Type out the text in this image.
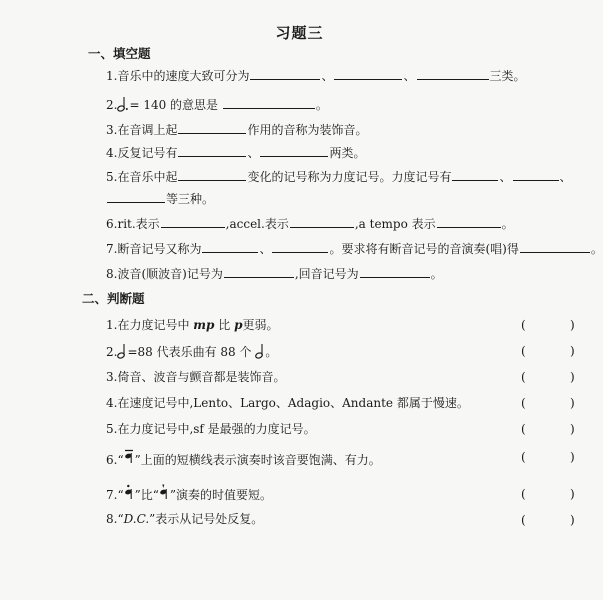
习题三
一、填空题
1.音乐中的速度大致可分为	、	、	三类。
2. = 140 的意思是	。
3.在音调上起	作用的音称为装饰音。
4.反复记号有	、	两类。
5.在音乐中起	变化的记号称为力度记号。力度记号有	、	、
等三种。
6.rit.表示	,accel.表示	,a tempo 表示	。
7.断音记号又称为	、	。要求将有断音记号的音演奏(唱)得	。
8.波音(顺波音)记号为	,回音记号为	。
二、判断题
1.在力度记号中 mp 比 p更弱。	(	)
2. =88 代表乐曲有 88 个 。	(	)
3.倚音、波音与颤音都是装饰音。	(	)
4.在速度记号中,Lento、Largo、Adagio、Andante 都属于慢速。	(	)
5.在力度记号中,sf 是最强的力度记号。	(	)
6.“ ”上面的短横线表示演奏时该音要饱满、有力。	(	)
7.“ ”比“ ”演奏的时值要短。	(	)
8.“D.C.”表示从记号处反复。	(	)
